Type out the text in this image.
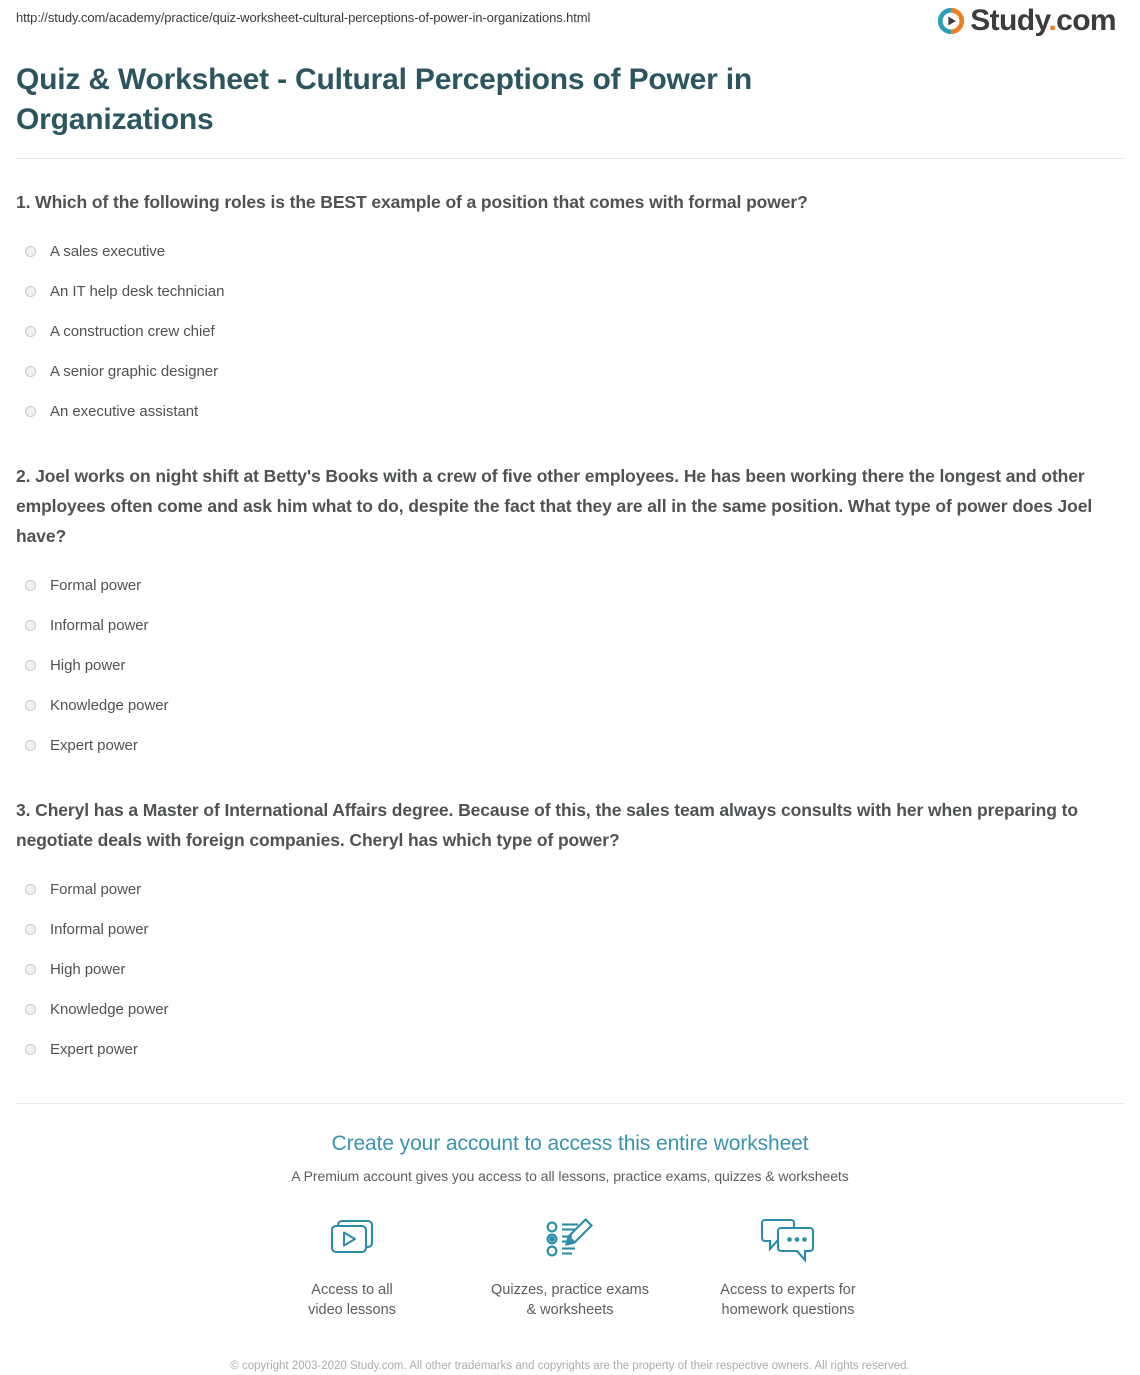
http://study.com/academy/practice/quiz-worksheet-cultural-perceptions-of-power-in-organizations.html	Study.com
Quiz & Worksheet - Cultural Perceptions of Power in Organizations
1. Which of the following roles is the BEST example of a position that comes with formal power?
A sales executive
An IT help desk technician
A construction crew chief
A senior graphic designer
An executive assistant
2. Joel works on night shift at Betty's Books with a crew of five other employees. He has been working there the longest and other employees often come and ask him what to do, despite the fact that they are all in the same position. What type of power does Joel have?
Formal power
Informal power
High power
Knowledge power
Expert power
3. Cheryl has a Master of International Affairs degree. Because of this, the sales team always consults with her when preparing to negotiate deals with foreign companies. Cheryl has which type of power?
Formal power
Informal power
High power
Knowledge power
Expert power
Create your account to access this entire worksheet
A Premium account gives you access to all lessons, practice exams, quizzes & worksheets
Access to all
video lessons
Quizzes, practice exams
& worksheets
Access to experts for
homework questions
© copyright 2003-2020 Study.com. All other trademarks and copyrights are the property of their respective owners. All rights reserved.
